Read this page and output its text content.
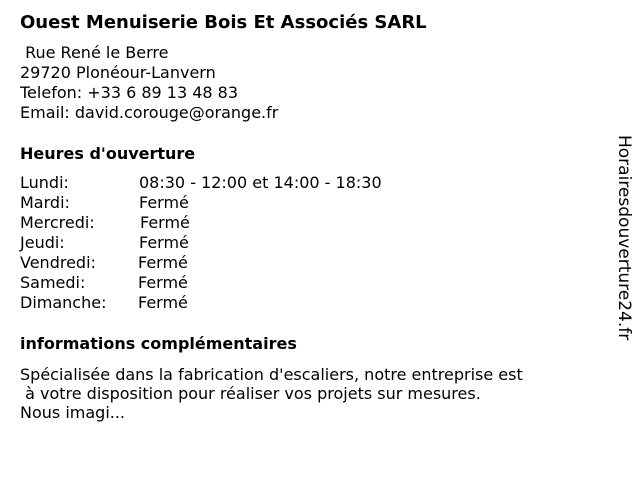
Ouest Menuiserie Bois Et Associés SARL
Rue René le Berre
29720 Plonéour-Lanvern
Telefon: +33 6 89 13 48 83
Email: david.corouge@orange.fr
Heures d'ouverture
Lundi:	08:30 - 12:00 et 14:00 - 18:30
Mardi:	Fermé
Mercredi:	Fermé
Jeudi:	Fermé
Vendredi:	Fermé
Samedi:	Fermé
Dimanche: Fermé
informations complémentaires
Spécialisée dans la fabrication d'escaliers, notre entreprise est
à votre disposition pour réaliser vos projets sur mesures.
Nous imagi...
Horairesdouverture24.fr
